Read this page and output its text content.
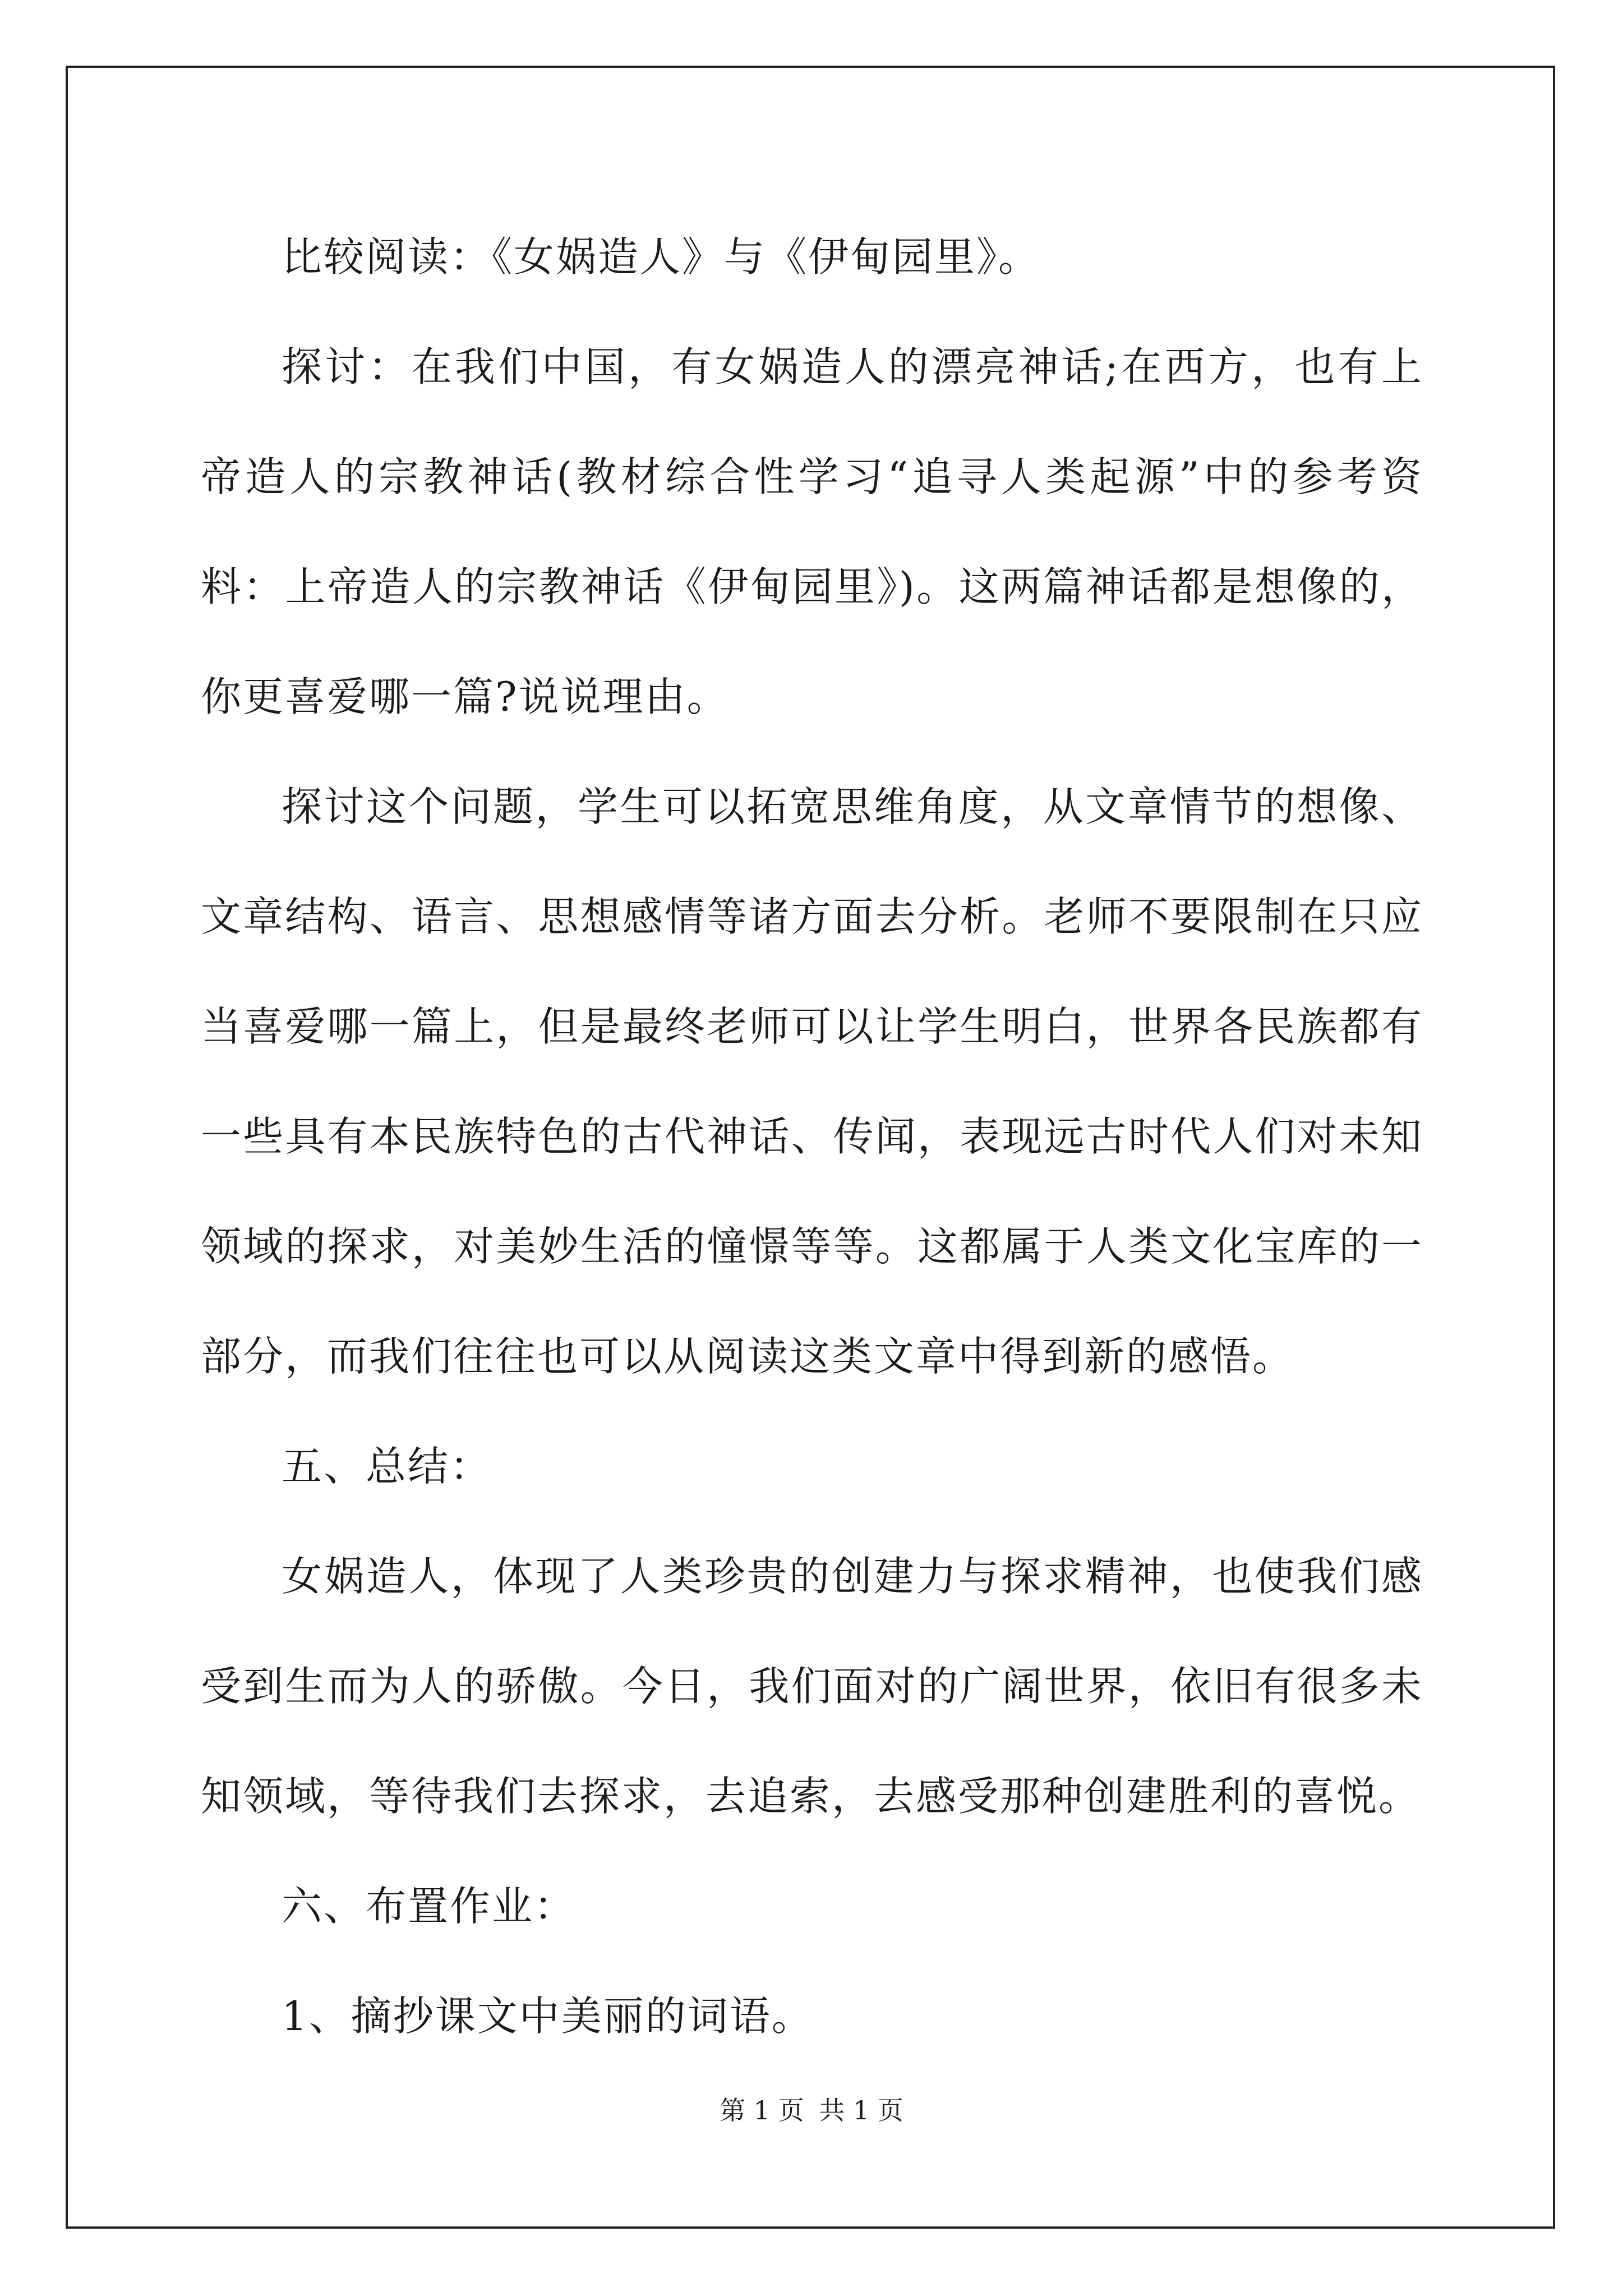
比较阅读：《女娲造人》与《伊甸园里》。

探讨：在我们中国，有女娲造人的漂亮神话;在西方，也有上帝造人的宗教神话(教材综合性学习“追寻人类起源”中的参考资料：上帝造人的宗教神话《伊甸园里》)。这两篇神话都是想像的，你更喜爱哪一篇?说说理由。

探讨这个问题，学生可以拓宽思维角度，从文章情节的想像、文章结构、语言、思想感情等诸方面去分析。老师不要限制在只应当喜爱哪一篇上，但是最终老师可以让学生明白，世界各民族都有一些具有本民族特色的古代神话、传闻，表现远古时代人们对未知领域的探求，对美妙生活的憧憬等等。这都属于人类文化宝库的一部分，而我们往往也可以从阅读这类文章中得到新的感悟。

五、总结：

女娲造人，体现了人类珍贵的创建力与探求精神，也使我们感受到生而为人的骄傲。今日，我们面对的广阔世界，依旧有很多未知领域，等待我们去探求，去追索，去感受那种创建胜利的喜悦。

六、布置作业：

1、摘抄课文中美丽的词语。

第 1 页 共 1 页
